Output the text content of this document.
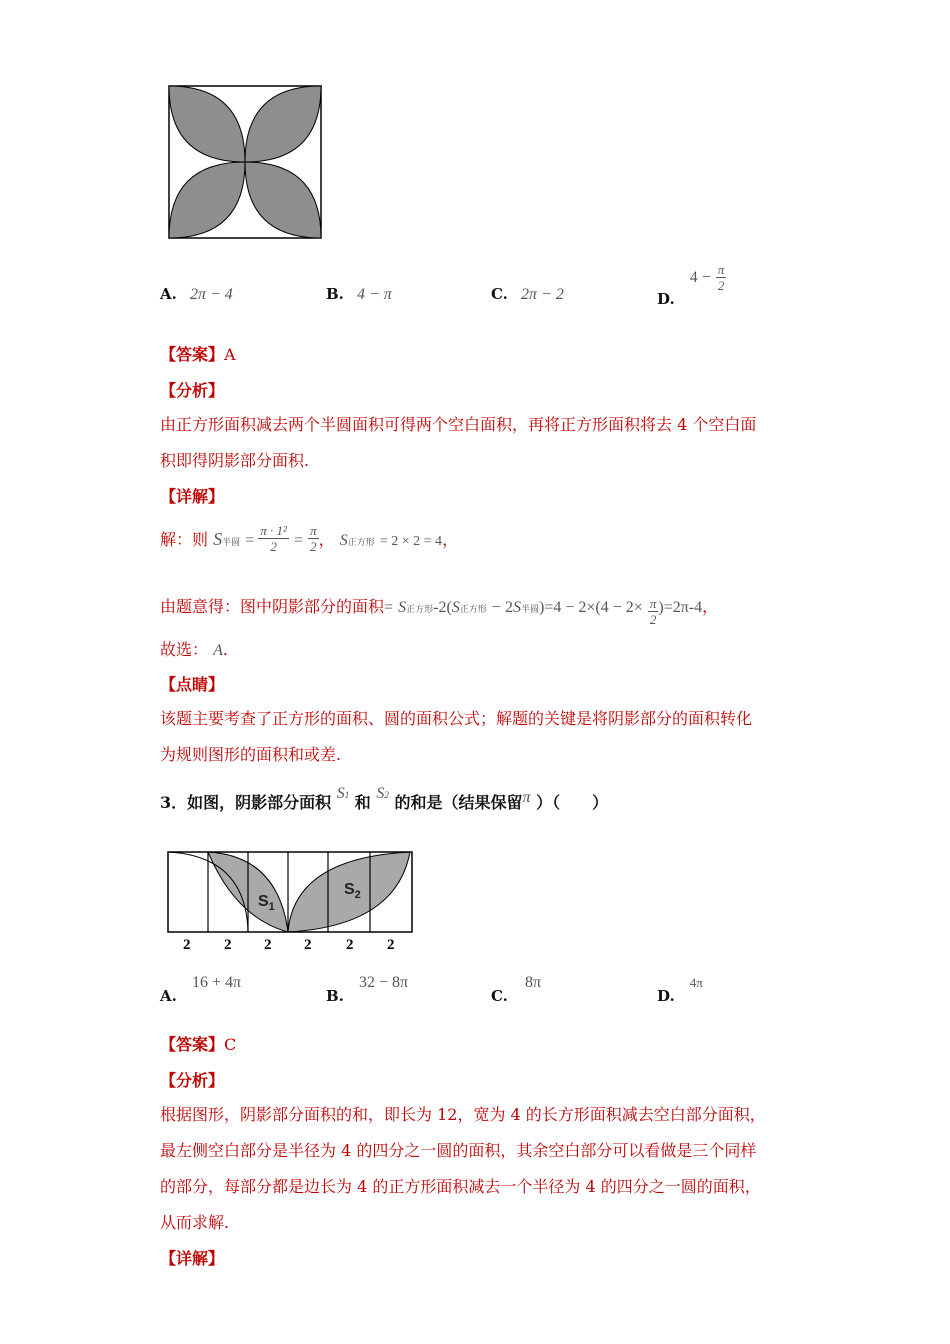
A. 2π − 4	B. 4 − π	C. 2π − 2	D. $4 - \frac{\pi}{2}$
【答案】A
【分析】
由正方形面积减去两个半圆面积可得两个空白面积，再将正方形面积将去 4 个空白面
积即得阴影部分面积.
【详解】
解：则 S半圆 = $\frac{\text{π · 1²}}{2} = \frac{\pi}{2}$ ， S正方形 = 2 × 2 = 4，
由题意得：图中阴影部分的面积= S正方形-2(S正方形 − 2S半圆)$=4 - 2\times(4 - 2\times \frac{\pi}{2} )=2\pi-4$，
故选： A.
【点睛】
该题主要考查了正方形的面积、圆的面积公式；解题的关键是将阴影部分的面积转化
为规则图形的面积和或差.
3．如图，阴影部分面积 S1 和 S2 的和是（结果保留π ）（　　）
$S_1$
$S_2$
2 2 2 2 2 2
A. 16 + 4π
B. 32 − 8π
C. 8π
D. 4π
【答案】C
【分析】
根据图形，阴影部分面积的和，即长为 12，宽为 4 的长方形面积减去空白部分面积，
最左侧空白部分是半径为 4 的四分之一圆的面积，其余空白部分可以看做是三个同样
的部分，每部分都是边长为 4 的正方形面积减去一个半径为 4 的四分之一圆的面积，
从而求解.
【详解】
